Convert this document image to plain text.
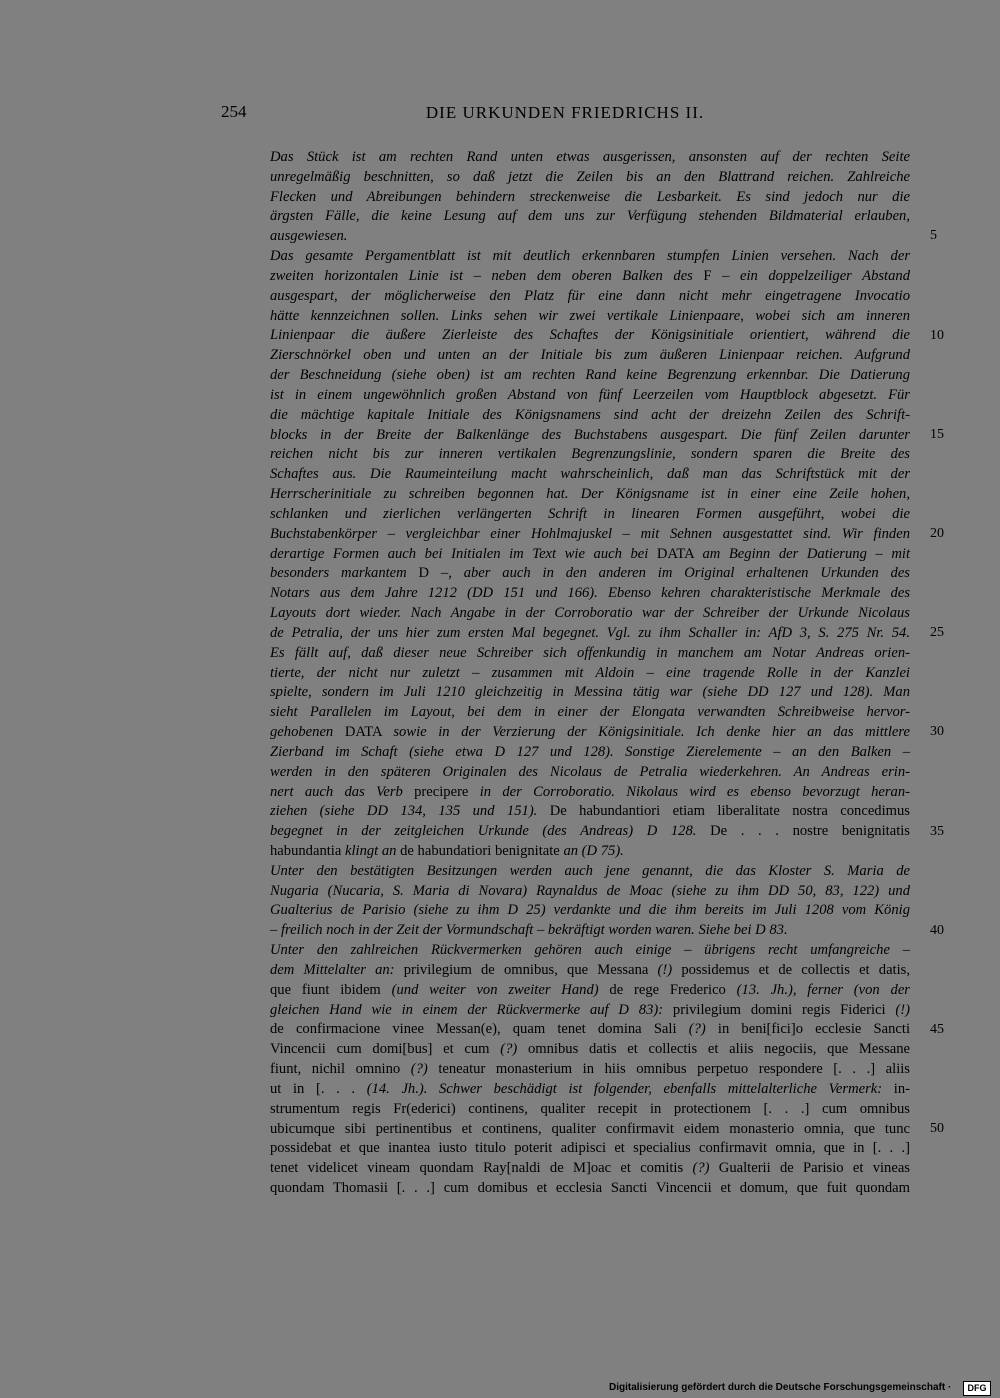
254	DIE URKUNDEN FRIEDRICHS II.
Das Stück ist am rechten Rand unten etwas ausgerissen, ansonsten auf der rechten Seite
unregelmäßig beschnitten, so daß jetzt die Zeilen bis an den Blattrand reichen. Zahlreiche
Flecken und Abreibungen behindern streckenweise die Lesbarkeit. Es sind jedoch nur die
ärgsten Fälle, die keine Lesung auf dem uns zur Verfügung stehenden Bildmaterial erlauben,
ausgewiesen.
Das gesamte Pergamentblatt ist mit deutlich erkennbaren stumpfen Linien versehen. Nach der
zweiten horizontalen Linie ist – neben dem oberen Balken des F – ein doppelzeiliger Abstand
ausgespart, der möglicherweise den Platz für eine dann nicht mehr eingetragene Invocatio
hätte kennzeichnen sollen. Links sehen wir zwei vertikale Linienpaare, wobei sich am inneren
Linienpaar die äußere Zierleiste des Schaftes der Königsinitiale orientiert, während die
Zierschnörkel oben und unten an der Initiale bis zum äußeren Linienpaar reichen. Aufgrund
der Beschneidung (siehe oben) ist am rechten Rand keine Begrenzung erkennbar. Die Datierung
ist in einem ungewöhnlich großen Abstand von fünf Leerzeilen vom Hauptblock abgesetzt. Für
die mächtige kapitale Initiale des Königsnamens sind acht der dreizehn Zeilen des Schrift-
blocks in der Breite der Balkenlänge des Buchstabens ausgespart. Die fünf Zeilen darunter
reichen nicht bis zur inneren vertikalen Begrenzungslinie, sondern sparen die Breite des
Schaftes aus. Die Raumeinteilung macht wahrscheinlich, daß man das Schriftstück mit der
Herrscherinitiale zu schreiben begonnen hat. Der Königsname ist in einer eine Zeile hohen,
schlanken und zierlichen verlängerten Schrift in linearen Formen ausgeführt, wobei die
Buchstabenkörper – vergleichbar einer Hohlmajuskel – mit Sehnen ausgestattet sind. Wir finden
derartige Formen auch bei Initialen im Text wie auch bei DATA am Beginn der Datierung – mit
besonders markantem D –, aber auch in den anderen im Original erhaltenen Urkunden des
Notars aus dem Jahre 1212 (DD 151 und 166). Ebenso kehren charakteristische Merkmale des
Layouts dort wieder. Nach Angabe in der Corroboratio war der Schreiber der Urkunde Nicolaus
de Petralia, der uns hier zum ersten Mal begegnet. Vgl. zu ihm Schaller in: AfD 3, S. 275 Nr. 54.
Es fällt auf, daß dieser neue Schreiber sich offenkundig in manchem am Notar Andreas orien-
tierte, der nicht nur zuletzt – zusammen mit Aldoin – eine tragende Rolle in der Kanzlei
spielte, sondern im Juli 1210 gleichzeitig in Messina tätig war (siehe DD 127 und 128). Man
sieht Parallelen im Layout, bei dem in einer der Elongata verwandten Schreibweise hervor-
gehobenen DATA sowie in der Verzierung der Königsinitiale. Ich denke hier an das mittlere
Zierband im Schaft (siehe etwa D 127 und 128). Sonstige Zierelemente – an den Balken –
werden in den späteren Originalen des Nicolaus de Petralia wiederkehren. An Andreas erin-
nert auch das Verb precipere in der Corroboratio. Nikolaus wird es ebenso bevorzugt heran-
ziehen (siehe DD 134, 135 und 151). De habundantiori etiam liberalitate nostra concedimus
begegnet in der zeitgleichen Urkunde (des Andreas) D 128. De . . . nostre benignitatis
habundantia klingt an de habundatiori benignitate an (D 75).
Unter den bestätigten Besitzungen werden auch jene genannt, die das Kloster S. Maria de
Nugaria (Nucaria, S. Maria di Novara) Raynaldus de Moac (siehe zu ihm DD 50, 83, 122) und
Gualterius de Parisio (siehe zu ihm D 25) verdankte und die ihm bereits im Juli 1208 vom König
– freilich noch in der Zeit der Vormundschaft – bekräftigt worden waren. Siehe bei D 83.
Unter den zahlreichen Rückvermerken gehören auch einige – übrigens recht umfangreiche –
dem Mittelalter an: privilegium de omnibus, que Messana (!) possidemus et de collectis et datis,
que fiunt ibidem (und weiter von zweiter Hand) de rege Frederico (13. Jh.), ferner (von der
gleichen Hand wie in einem der Rückvermerke auf D 83): privilegium domini regis Fiderici (!)
de confirmacione vinee Messan(e), quam tenet domina Sali (?) in beni[fici]o ecclesie Sancti
Vincencii cum domi[bus] et cum (?) omnibus datis et collectis et aliis negociis, que Messane
fiunt, nichil omnino (?) teneatur monasterium in hiis omnibus perpetuo respondere [. . .] aliis
ut in [. . . (14. Jh.). Schwer beschädigt ist folgender, ebenfalls mittelalterliche Vermerk: in-
strumentum regis Fr(ederici) continens, qualiter recepit in protectionem [. . .] cum omnibus
ubicumque sibi pertinentibus et continens, qualiter confirmavit eidem monasterio omnia, que tunc
possidebat et que inantea iusto titulo poterit adipisci et specialius confirmavit omnia, que in [. . .]
tenet videlicet vineam quondam Ray[naldi de M]oac et comitis (?) Gualterii de Parisio et vineas
quondam Thomasii [. . .] cum domibus et ecclesia Sancti Vincencii et domum, que fuit quondam
5
10
15
20
25
30
35
40
45
50
Digitalisierung gefördert durch die Deutsche Forschungsgemeinschaft ·	DFG
